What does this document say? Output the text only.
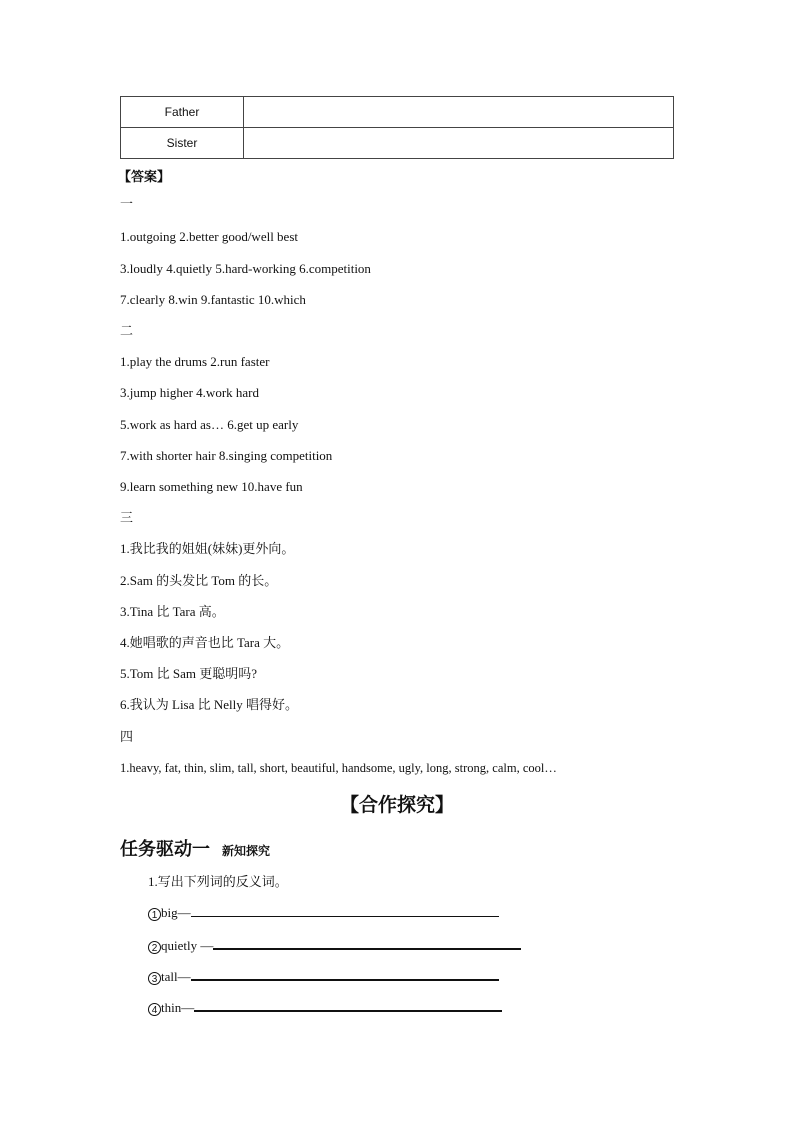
Father	
Sister	
【答案】
一
1.outgoing 2.better good/well best
3.loudly 4.quietly 5.hard-working 6.competition
7.clearly 8.win 9.fantastic 10.which
二
1.play the drums 2.run faster
3.jump higher 4.work hard
5.work as hard as… 6.get up early
7.with shorter hair 8.singing competition
9.learn something new 10.have fun
三
1.我比我的姐姐(妹妹)更外向。
2.Sam 的头发比 Tom 的长。
3.Tina 比 Tara 高。
4.她唱歌的声音也比 Tara 大。
5.Tom 比 Sam 更聪明吗?
6.我认为 Lisa 比 Nelly 唱得好。
四
1.heavy, fat, thin, slim, tall, short, beautiful, handsome, ugly, long, strong, calm, cool…
【合作探究】
任务驱动一 新知探究
1.写出下列词的反义词。
1 big—
2 quietly —
3 tall—
4 thin—
